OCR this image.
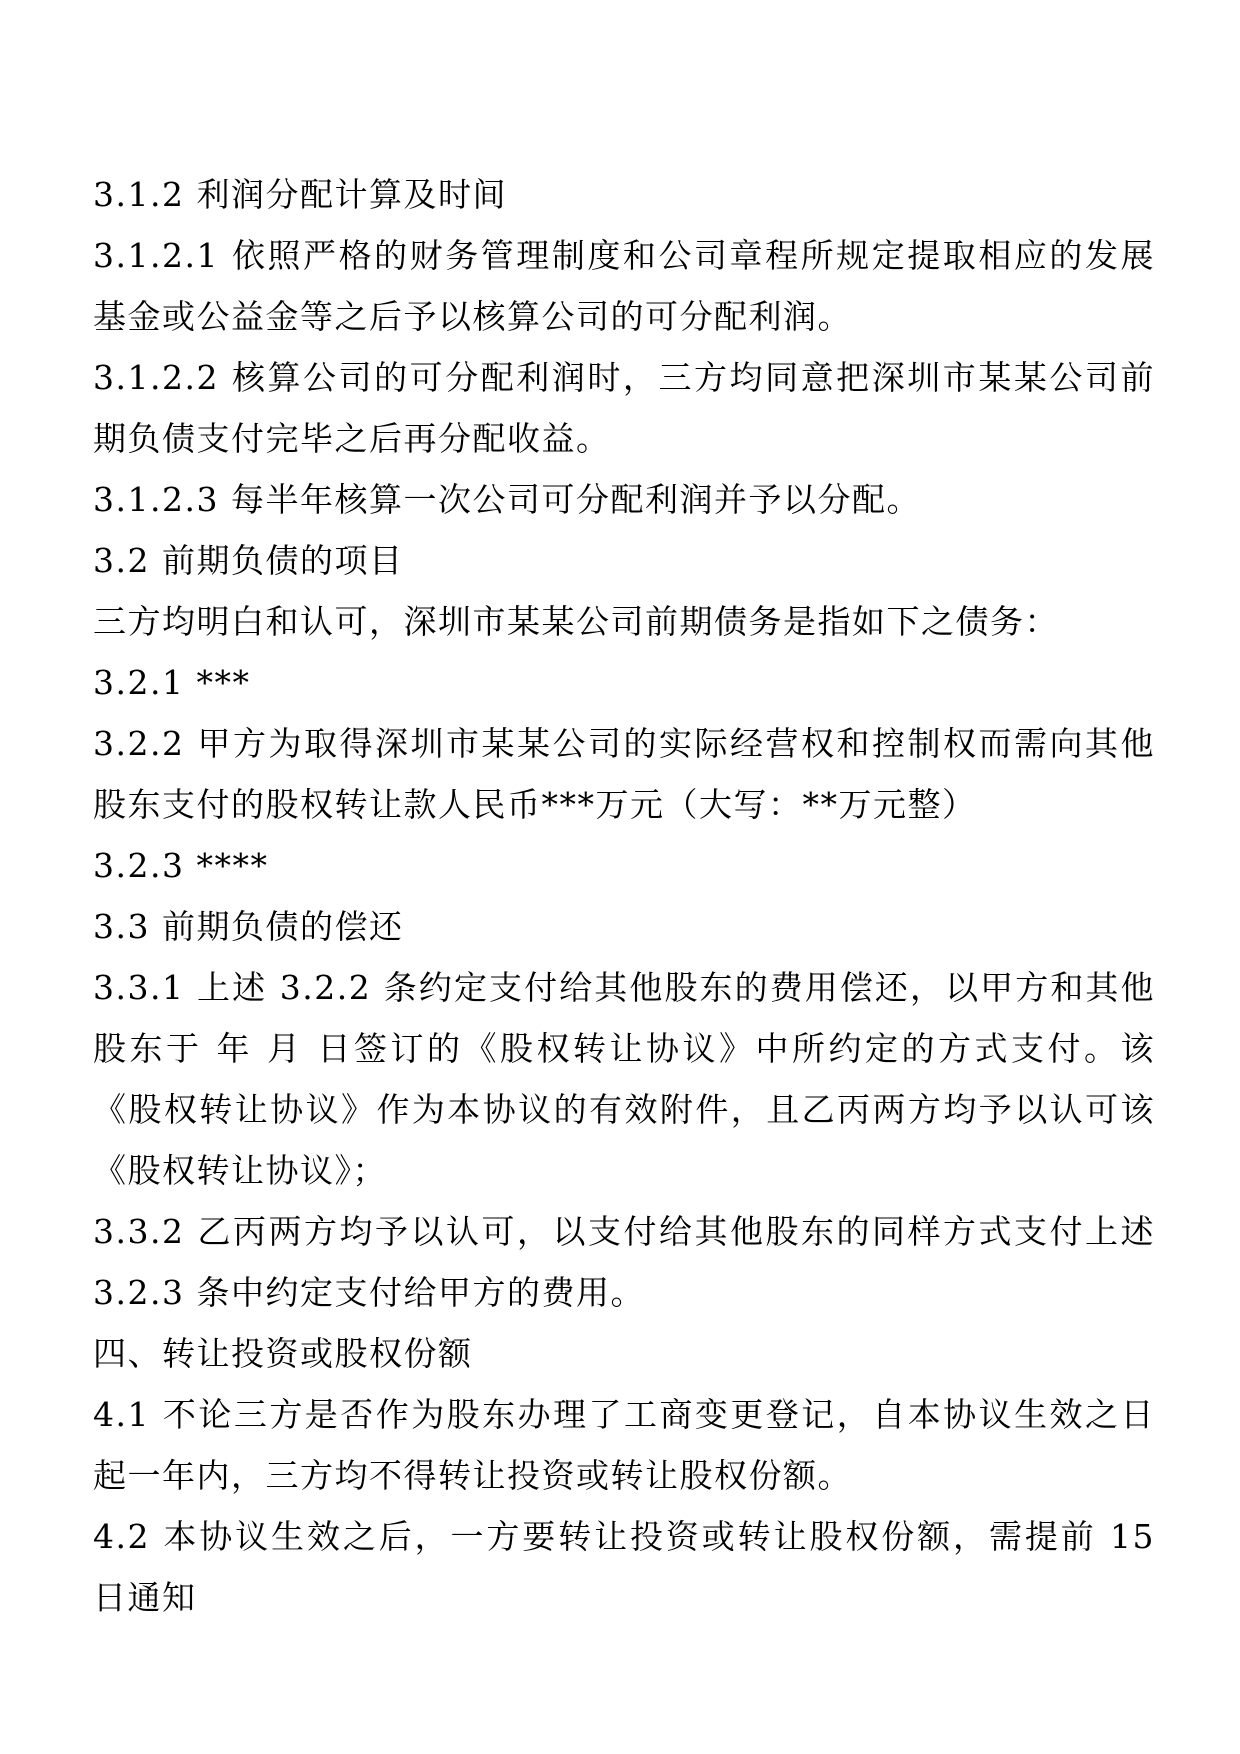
3.1.2 利润分配计算及时间

3.1.2.1 依照严格的财务管理制度和公司章程所规定提取相应的发展基金或公益金等之后予以核算公司的可分配利润。

3.1.2.2 核算公司的可分配利润时，三方均同意把深圳市某某公司前期负债支付完毕之后再分配收益。

3.1.2.3 每半年核算一次公司可分配利润并予以分配。

3.2 前期负债的项目

三方均明白和认可，深圳市某某公司前期债务是指如下之债务：

3.2.1 ***

3.2.2 甲方为取得深圳市某某公司的实际经营权和控制权而需向其他股东支付的股权转让款人民币***万元（大写：**万元整）

3.2.3 ****

3.3 前期负债的偿还

3.3.1 上述 3.2.2 条约定支付给其他股东的费用偿还，以甲方和其他股东于 年 月 日签订的《股权转让协议》中所约定的方式支付。该《股权转让协议》作为本协议的有效附件，且乙丙两方均予以认可该《股权转让协议》；

3.3.2 乙丙两方均予以认可，以支付给其他股东的同样方式支付上述 3.2.3 条中约定支付给甲方的费用。

四、转让投资或股权份额

4.1 不论三方是否作为股东办理了工商变更登记，自本协议生效之日起一年内，三方均不得转让投资或转让股权份额。

4.2 本协议生效之后，一方要转让投资或转让股权份额，需提前 15 日通知
